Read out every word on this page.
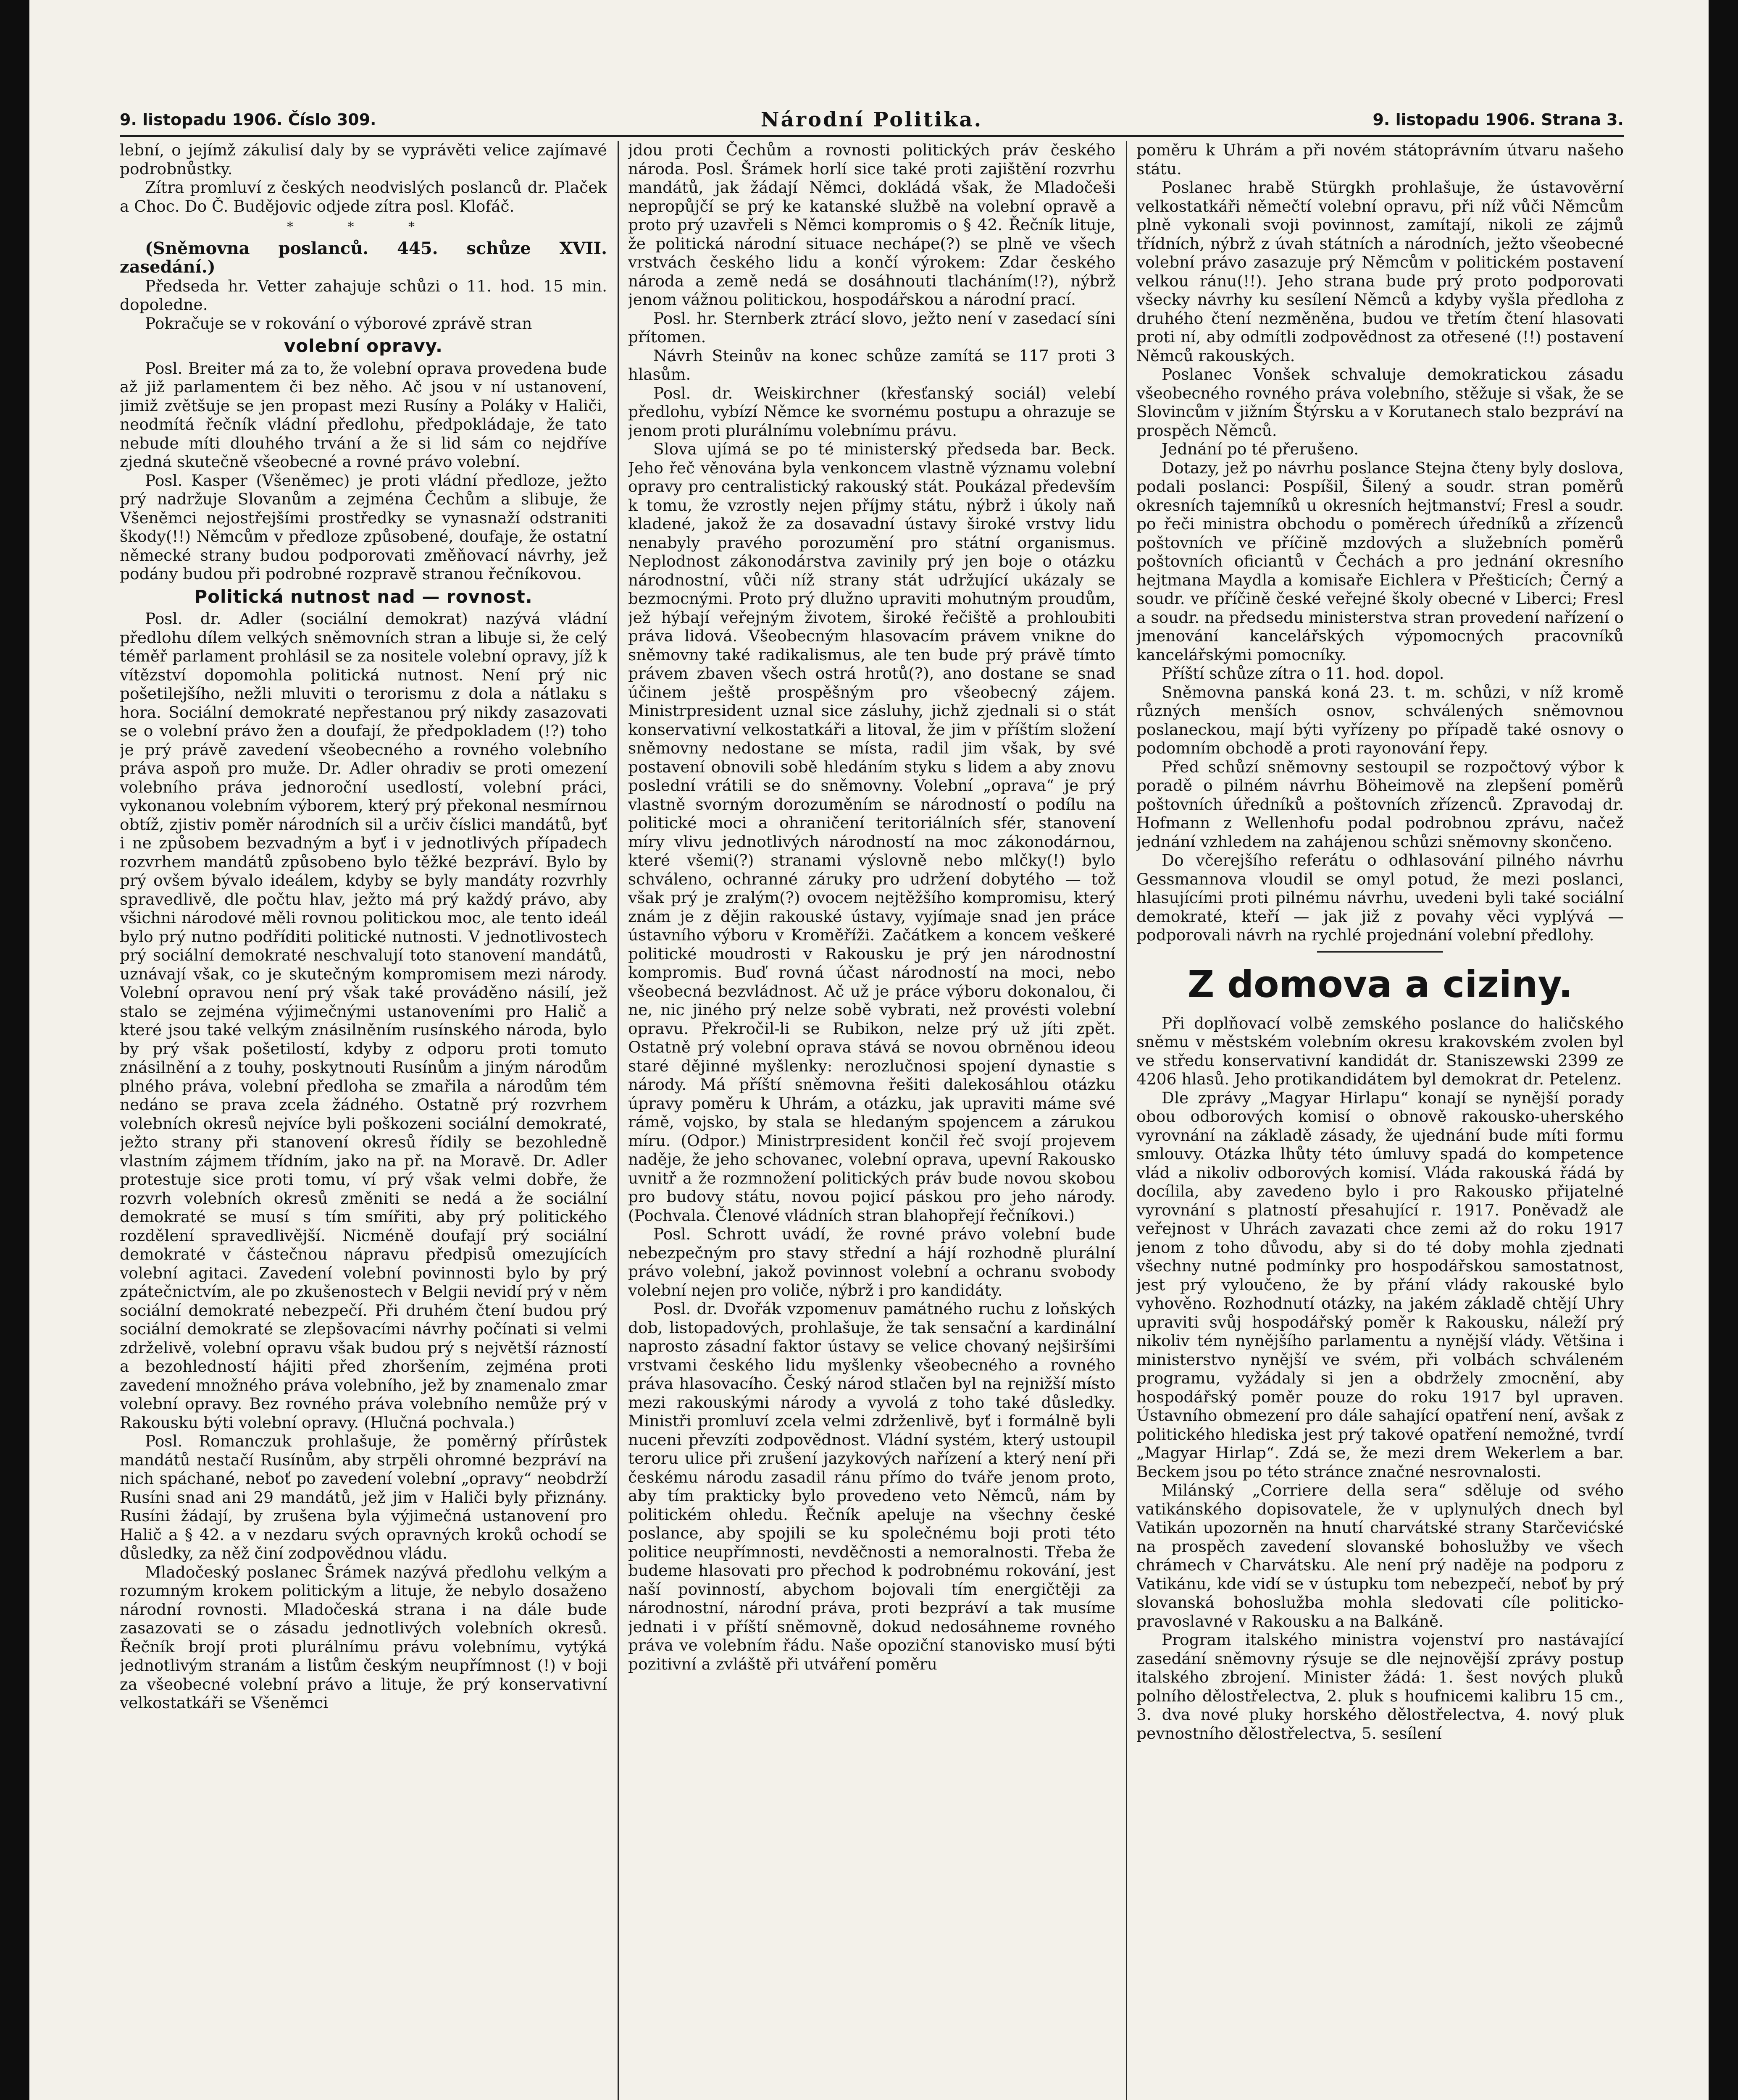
9. listopadu 1906. Číslo 309.	Národní Politika.	9. listopadu 1906. Strana 3.

lební, o jejímž zákulisí daly by se vyprávěti velice zajímavé podrobnůstky.

Zítra promluví z českých neodvislých poslanců dr. Plaček a Choc. Do Č. Budějovic odjede zítra posl. Klofáč.

* * *

(Sněmovna poslanců. 445. schůze XVII. zasedání.)

Předseda hr. Vetter zahajuje schůzi o 11. hod. 15 min. dopoledne.

Pokračuje se v rokování o výborové zprávě stran

volební opravy.

Posl. Breiter má za to, že volební oprava provedena bude až již parlamentem či bez něho. Ač jsou v ní ustanovení, jimiž zvětšuje se jen propast mezi Rusíny a Poláky v Haliči, neodmítá řečník vládní předlohu, předpokládaje, že tato nebude míti dlouhého trvání a že si lid sám co nejdříve zjedná skutečně všeobecné a rovné právo volební.

Posl. Kasper (Všeněmec) je proti vládní předloze, ježto prý nadržuje Slovanům a zejména Čechům a slibuje, že Všeněmci nejostřejšími prostředky se vynasnaží odstraniti škody(!!) Němcům v předloze způsobené, doufaje, že ostatní německé strany budou podporovati změňovací návrhy, jež podány budou při podrobné rozpravě stranou řečníkovou.

Politická nutnost nad — rovnost.

Posl. dr. Adler (sociální demokrat) nazývá vládní předlohu dílem velkých sněmovních stran a libuje si, že celý téměř parlament prohlásil se za nositele volební opravy, jíž k vítězství dopomohla politická nutnost. Není prý nic pošetilejšího, nežli mluviti o terorismu z dola a nátlaku s hora. Sociální demokraté nepřestanou prý nikdy zasazovati se o volební právo žen a doufají, že předpokladem (!?) toho je prý právě zavedení všeobecného a rovného volebního práva aspoň pro muže. Dr. Adler ohradiv se proti omezení volebního práva jednoroční usedlostí, volební práci, vykonanou volebním výborem, který prý překonal nesmírnou obtíž, zjistiv poměr národních sil a určiv číslici mandátů, byť i ne způsobem bezvadným a byť i v jednotlivých případech rozvrhem mandátů způsobeno bylo těžké bezpráví. Bylo by prý ovšem bývalo ideálem, kdyby se byly mandáty rozvrhly spravedlivě, dle počtu hlav, ježto má prý každý právo, aby všichni národové měli rovnou politickou moc, ale tento ideál bylo prý nutno podříditi politické nutnosti. V jednotlivostech prý sociální demokraté neschvalují toto stanovení mandátů, uznávají však, co je skutečným kompromisem mezi národy. Volební opravou není prý však také prováděno násilí, jež stalo se zejména výjimečnými ustanoveními pro Halič a které jsou také velkým znásilněním rusínského národa, bylo by prý však pošetilostí, kdyby z odporu proti tomuto znásilnění a z touhy, poskytnouti Rusínům a jiným národům plného práva, volební předloha se zmařila a národům tém nedáno se prava zcela žádného. Ostatně prý rozvrhem volebních okresů nejvíce byli poškozeni sociální demokraté, ježto strany při stanovení okresů řídily se bezohledně vlastním zájmem třídním, jako na př. na Moravě. Dr. Adler protestuje sice proti tomu, ví prý však velmi dobře, že rozvrh volebních okresů změniti se nedá a že sociální demokraté se musí s tím smířiti, aby prý politického rozdělení spravedlivější. Nicméně doufají prý sociální demokraté v částečnou nápravu předpisů omezujících volební agitaci. Zavedení volební povinnosti bylo by prý zpátečnictvím, ale po zkušenostech v Belgii nevidí prý v něm sociální demokraté nebezpečí. Při druhém čtení budou prý sociální demokraté se zlepšovacími návrhy počínati si velmi zdrželivě, volební opravu však budou prý s největší rázností a bezohledností hájiti před zhoršením, zejména proti zavedení množného práva volebního, jež by znamenalo zmar volební opravy. Bez rovného práva volebního nemůže prý v Rakousku býti volební opravy. (Hlučná pochvala.)

Posl. Romanczuk prohlašuje, že poměrný přírůstek mandátů nestačí Rusínům, aby strpěli ohromné bezpráví na nich spáchané, neboť po zavedení volební „opravy“ neobdrží Rusíni snad ani 29 mandátů, jež jim v Haliči byly přiznány. Rusíni žádají, by zrušena byla výjimečná ustanovení pro Halič a § 42. a v nezdaru svých opravných kroků ochodí se důsledky, za něž činí zodpovědnou vládu.

Mladočeský poslanec Šrámek nazývá předlohu velkým a rozumným krokem politickým a lituje, že nebylo dosaženo národní rovnosti. Mladočeská strana i na dále bude zasazovati se o zásadu jednotlivých volebních okresů. Řečník brojí proti plurálnímu právu volebnímu, vytýká jednotlivým stranám a listům českým neupřímnost (!) v boji za všeobecné volební právo a lituje, že prý konservativní velkostatkáři se Všeněmci

jdou proti Čechům a rovnosti politických práv českého národa. Posl. Šrámek horlí sice také proti zajištění rozvrhu mandátů, jak žádají Němci, dokládá však, že Mladočeši nepropůjčí se prý ke katanské službě na volební opravě a proto prý uzavřeli s Němci kompromis o § 42. Řečník lituje, že politická národní situace nechápe(?) se plně ve všech vrstvách českého lidu a končí výrokem: Zdar českého národa a země nedá se dosáhnouti tlacháním(!?), nýbrž jenom vážnou politickou, hospodářskou a národní prací.

Posl. hr. Sternberk ztrácí slovo, ježto není v zasedací síni přítomen.

Návrh Steinův na konec schůze zamítá se 117 proti 3 hlasům.

Posl. dr. Weiskirchner (křesťanský sociál) velebí předlohu, vybízí Němce ke svornému postupu a ohrazuje se jenom proti plurálnímu volebnímu právu.

Slova ujímá se po té ministerský předseda bar. Beck. Jeho řeč věnována byla venkoncem vlastně významu volební opravy pro centralistický rakouský stát. Poukázal především k tomu, že vzrostly nejen příjmy státu, nýbrž i úkoly naň kladené, jakož že za dosavadní ústavy široké vrstvy lidu nenabyly pravého porozumění pro státní organismus. Neplodnost zákonodárstva zavinily prý jen boje o otázku národnostní, vůči níž strany stát udržující ukázaly se bezmocnými. Proto prý dlužno upraviti mohutným proudům, jež hýbají veřejným životem, široké řečiště a prohloubiti práva lidová. Všeobecným hlasovacím právem vnikne do sněmovny také radikalismus, ale ten bude prý právě tímto právem zbaven všech ostrá hrotů(?), ano dostane se snad účinem ještě prospěšným pro všeobecný zájem. Ministrpresident uznal sice zásluhy, jichž zjednali si o stát konservativní velkostatkáři a litoval, že jim v příštím složení sněmovny nedostane se místa, radil jim však, by své postavení obnovili sobě hledáním styku s lidem a aby znovu poslední vrátili se do sněmovny. Volební „oprava“ je prý vlastně svorným dorozuměním se národností o podílu na politické moci a ohraničení teritoriálních sfér, stanovení míry vlivu jednotlivých národností na moc zákonodárnou, které všemi(?) stranami výslovně nebo mlčky(!) bylo schváleno, ochranné záruky pro udržení dobytého — tož však prý je zralým(?) ovocem nejtěžšího kompromisu, který znám je z dějin rakouské ústavy, vyjímaje snad jen práce ústavního výboru v Kroměříži. Začátkem a koncem veškeré politické moudrosti v Rakousku je prý jen národnostní kompromis. Buď rovná účast národností na moci, nebo všeobecná bezvládnost. Ač už je práce výboru dokonalou, či ne, nic jiného prý nelze sobě vybrati, než provésti volební opravu. Překročil-li se Rubikon, nelze prý už jíti zpět. Ostatně prý volební oprava stává se novou obrněnou ideou staré dějinné myšlenky: nerozlučnosi spojení dynastie s národy. Má příští sněmovna řešiti dalekosáhlou otázku úpravy poměru k Uhrám, a otázku, jak upraviti máme své rámě, vojsko, by stala se hledaným spojencem a zárukou míru. (Odpor.) Ministrpresident končil řeč svojí projevem naděje, že jeho schovanec, volební oprava, upevní Rakousko uvnitř a že rozmnožení politických práv bude novou skobou pro budovy státu, novou pojicí páskou pro jeho národy. (Pochvala. Členové vládních stran blahopřejí řečníkovi.)

Posl. Schrott uvádí, že rovné právo volební bude nebezpečným pro stavy střední a hájí rozhodně plurální právo volební, jakož povinnost volební a ochranu svobody volební nejen pro voliče, nýbrž i pro kandidáty.

Posl. dr. Dvořák vzpomenuv památného ruchu z loňských dob, listopadových, prohlašuje, že tak sensační a kardinální naprosto zásadní faktor ústavy se velice chovaný nejširšími vrstvami českého lidu myšlenky všeobecného a rovného práva hlasovacího. Český národ stlačen byl na rejnižší místo mezi rakouskými národy a vyvolá z toho také důsledky. Ministři promluví zcela velmi zdrženlivě, byť i formálně byli nuceni převzíti zodpovědnost. Vládní systém, který ustoupil teroru ulice při zrušení jazykových nařízení a který není při českému národu zasadil ránu přímo do tváře jenom proto, aby tím prakticky bylo provedeno veto Němců, nám by politickém ohledu. Řečník apeluje na všechny české poslance, aby spojili se ku společnému boji proti této politice neupřímnosti, nevděčnosti a nemoralnosti. Třeba že budeme hlasovati pro přechod k podrobnému rokování, jest naší povinností, abychom bojovali tím energičtěji za národnostní, národní práva, proti bezpráví a tak musíme jednati i v příští sněmovně, dokud nedosáhneme rovného práva ve volebním řádu. Naše opoziční stanovisko musí býti pozitivní a zvláště při utváření poměru

poměru k Uhrám a při novém státoprávním útvaru našeho státu.

Poslanec hrabě Stürgkh prohlašuje, že ústavověrní velkostatkáři němečtí volební opravu, při níž vůči Němcům plně vykonali svoji povinnost, zamítají, nikoli ze zájmů třídních, nýbrž z úvah státních a národních, ježto všeobecné volební právo zasazuje prý Němcům v politickém postavení velkou ránu(!!). Jeho strana bude prý proto podporovati všecky návrhy ku sesílení Němců a kdyby vyšla předloha z druhého čtení nezměněna, budou ve třetím čtení hlasovati proti ní, aby odmítli zodpovědnost za otřesené (!!) postavení Němců rakouských.

Poslanec Vonšek schvaluje demokratickou zásadu všeobecného rovného práva volebního, stěžuje si však, že se Slovincům v jižním Štýrsku a v Korutanech stalo bezpráví na prospěch Němců.

Jednání po té přerušeno.

Dotazy, jež po návrhu poslance Stejna čteny byly doslova, podali poslanci: Pospíšil, Šilený a soudr. stran poměrů okresních tajemníků u okresních hejtmanství; Fresl a soudr. po řeči ministra obchodu o poměrech úředníků a zřízenců poštovních ve příčině mzdových a služebních poměrů poštovních oficiantů v Čechách a pro jednání okresního hejtmana Maydla a komisaře Eichlera v Přešticích; Černý a soudr. ve příčině české veřejné školy obecné v Liberci; Fresl a soudr. na předsedu ministerstva stran provedení nařízení o jmenování kancelářských výpomocných pracovníků kancelářskými pomocníky.

Příští schůze zítra o 11. hod. dopol.

Sněmovna panská koná 23. t. m. schůzi, v níž kromě různých menších osnov, schválených sněmovnou poslaneckou, mají býti vyřízeny po případě také osnovy o podomním obchodě a proti rayonování řepy.

Před schůzí sněmovny sestoupil se rozpočtový výbor k poradě o pilném návrhu Böheimově na zlepšení poměrů poštovních úředníků a poštovních zřízenců. Zpravodaj dr. Hofmann z Wellenhofu podal podrobnou zprávu, načež jednání vzhledem na zahájenou schůzi sněmovny skončeno.

Do včerejšího referátu o odhlasování pilného návrhu Gessmannova vloudil se omyl potud, že mezi poslanci, hlasujícími proti pilnému návrhu, uvedeni byli také sociální demokraté, kteří — jak již z povahy věci vyplývá — podporovali návrh na rychlé projednání volební předlohy.

Z domova a ciziny.

Při doplňovací volbě zemského poslance do haličského sněmu v městském volebním okresu krakovském zvolen byl ve středu konservativní kandidát dr. Staniszewski 2399 ze 4206 hlasů. Jeho protikandidátem byl demokrat dr. Petelenz.

Dle zprávy „Magyar Hirlapu“ konají se nynější porady obou odborových komisí o obnově rakousko-uherského vyrovnání na základě zásady, že ujednání bude míti formu smlouvy. Otázka lhůty této úmluvy spadá do kompetence vlád a nikoliv odborových komisí. Vláda rakouská řádá by docílila, aby zavedeno bylo i pro Rakousko přijatelné vyrovnání s platností přesahující r. 1917. Poněvadž ale veřejnost v Uhrách zavazati chce zemi až do roku 1917 jenom z toho důvodu, aby si do té doby mohla zjednati všechny nutné podmínky pro hospodářskou samostatnost, jest prý vyloučeno, že by přání vlády rakouské bylo vyhověno. Rozhodnutí otázky, na jakém základě chtějí Uhry upraviti svůj hospodářský poměr k Rakousku, náleží prý nikoliv tém nynějšího parlamentu a nynější vlády. Většina i ministerstvo nynější ve svém, při volbách schváleném programu, vyžádaly si jen a obdržely zmocnění, aby hospodářský poměr pouze do roku 1917 byl upraven. Ústavního obmezení pro dále sahající opatření není, avšak z politického hlediska jest prý takové opatření nemožné, tvrdí „Magyar Hirlap“. Zdá se, že mezi drem Wekerlem a bar. Beckem jsou po této stránce značné nesrovnalosti.

Milánský „Corriere della sera“ sděluje od svého vatikánského dopisovatele, že v uplynulých dnech byl Vatikán upozorněn na hnutí charvátské strany Starčevićské na prospěch zavedení slovanské bohoslužby ve všech chrámech v Charvátsku. Ale není prý naděje na podporu z Vatikánu, kde vidí se v ústupku tom nebezpečí, neboť by prý slovanská bohoslužba mohla sledovati cíle politicko-pravoslavné v Rakousku a na Balkáně.

Program italského ministra vojenství pro nastávající zasedání sněmovny rýsuje se dle nejnovější zprávy postup italského zbrojení. Minister žádá: 1. šest nových pluků polního dělostřelectva, 2. pluk s houfnicemi kalibru 15 cm., 3. dva nové pluky horského dělostřelectva, 4. nový pluk pevnostního dělostřelectva, 5. sesílení
